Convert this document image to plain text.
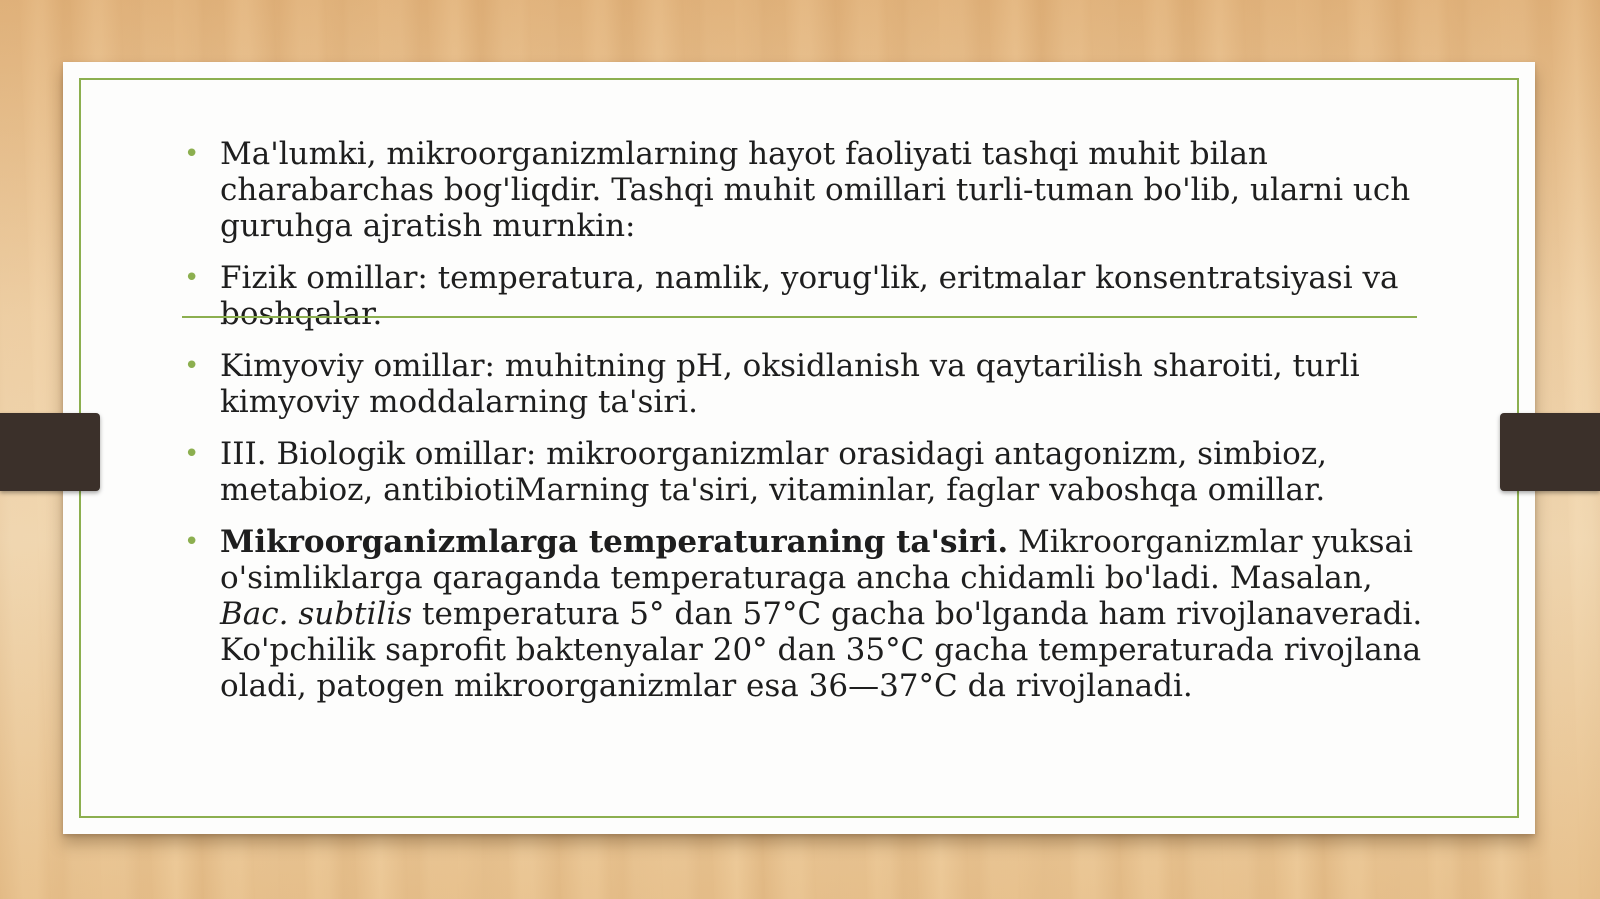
• Ma'lumki, mikroorganizmlarning hayot faoliyati tashqi muhit bilan charabarchas bog'liqdir. Tashqi muhit omillari turli-tuman bo'lib, ularni uch guruhga ajratish murnkin:
• Fizik omillar: temperatura, namlik, yorug'lik, eritmalar konsentratsiyasi va boshqalar.
• Kimyoviy omillar: muhitning pH, oksidlanish va qaytarilish sharoiti, turli kimyoviy moddalarning ta'siri.
• III. Biologik omillar: mikroorganizmlar orasidagi antagonizm, simbioz, metabioz, antibiotiMarning ta'siri, vitaminlar, faglar vaboshqa omillar.
• Mikroorganizmlarga temperaturaning ta'siri. Mikroorganizmlar yuksai o'simliklarga qaraganda temperaturaga ancha chidamli bo'ladi. Masalan, Bac. subtilis temperatura 5° dan 57°C gacha bo'lganda ham rivojlanaveradi. Ko'pchilik saprofit baktenyalar 20° dan 35°C gacha temperaturada rivojlana oladi, patogen mikroorganizmlar esa 36—37°C da rivojlanadi.
